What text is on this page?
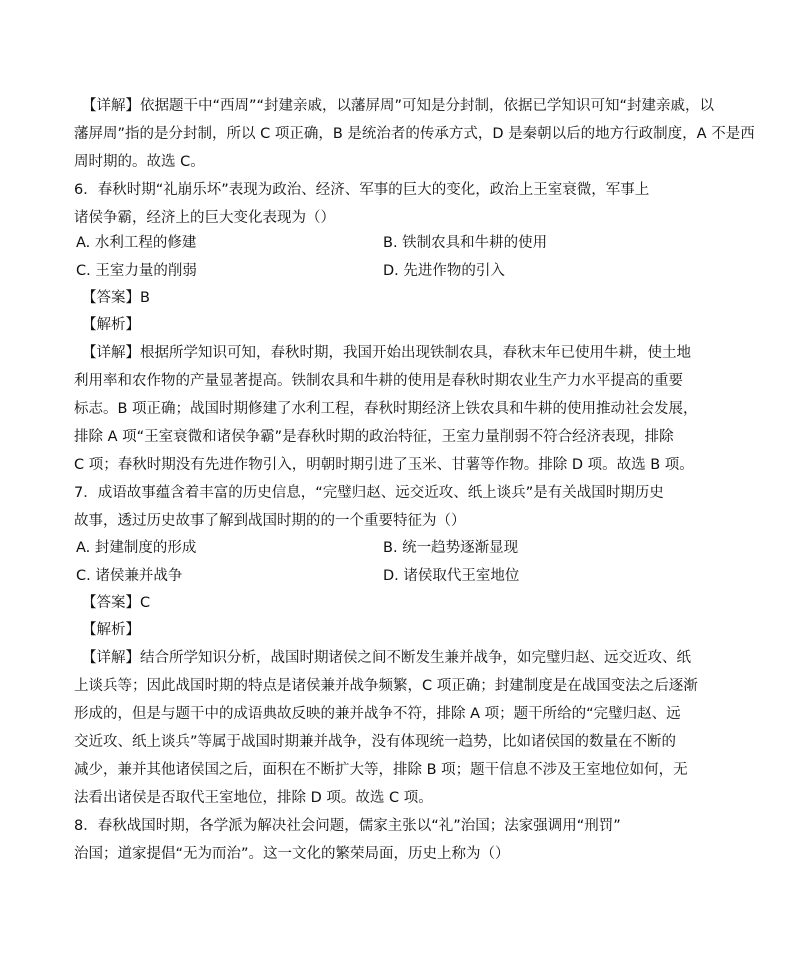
【详解】依据题干中“西周”“封建亲戚，以藩屏周”可知是分封制，依据已学知识可知“封建亲戚，以
藩屏周”指的是分封制，所以 C 项正确，B 是统治者的传承方式，D 是秦朝以后的地方行政制度，A 不是西
周时期的。故选 C。
6．春秋时期“礼崩乐坏”表现为政治、经济、军事的巨大的变化，政治上王室衰微，军事上
诸侯争霸，经济上的巨大变化表现为（）
A. 水利工程的修建	B. 铁制农具和牛耕的使用
C. 王室力量的削弱	D. 先进作物的引入
【答案】B
【解析】
【详解】根据所学知识可知，春秋时期，我国开始出现铁制农具，春秋末年已使用牛耕，使土地
利用率和农作物的产量显著提高。铁制农具和牛耕的使用是春秋时期农业生产力水平提高的重要
标志。B 项正确；战国时期修建了水利工程，春秋时期经济上铁农具和牛耕的使用推动社会发展，
排除 A 项“王室衰微和诸侯争霸”是春秋时期的政治特征，王室力量削弱不符合经济表现，排除
C 项；春秋时期没有先进作物引入，明朝时期引进了玉米、甘薯等作物。排除 D 项。故选 B 项。
7．成语故事蕴含着丰富的历史信息，“完璧归赵、远交近攻、纸上谈兵”是有关战国时期历史
故事，透过历史故事了解到战国时期的的一个重要特征为（）
A. 封建制度的形成	B. 统一趋势逐渐显现
C. 诸侯兼并战争	D. 诸侯取代王室地位
【答案】C
【解析】
【详解】结合所学知识分析，战国时期诸侯之间不断发生兼并战争，如完璧归赵、远交近攻、纸
上谈兵等；因此战国时期的特点是诸侯兼并战争频繁，C 项正确；封建制度是在战国变法之后逐渐
形成的，但是与题干中的成语典故反映的兼并战争不符，排除 A 项；题干所给的“完璧归赵、远
交近攻、纸上谈兵”等属于战国时期兼并战争，没有体现统一趋势，比如诸侯国的数量在不断的
减少，兼并其他诸侯国之后，面积在不断扩大等，排除 B 项；题干信息不涉及王室地位如何，无
法看出诸侯是否取代王室地位，排除 D 项。故选 C 项。
8．春秋战国时期，各学派为解决社会问题，儒家主张以“礼”治国；法家强调用“刑罚”
治国；道家提倡“无为而治”。这一文化的繁荣局面，历史上称为（）
